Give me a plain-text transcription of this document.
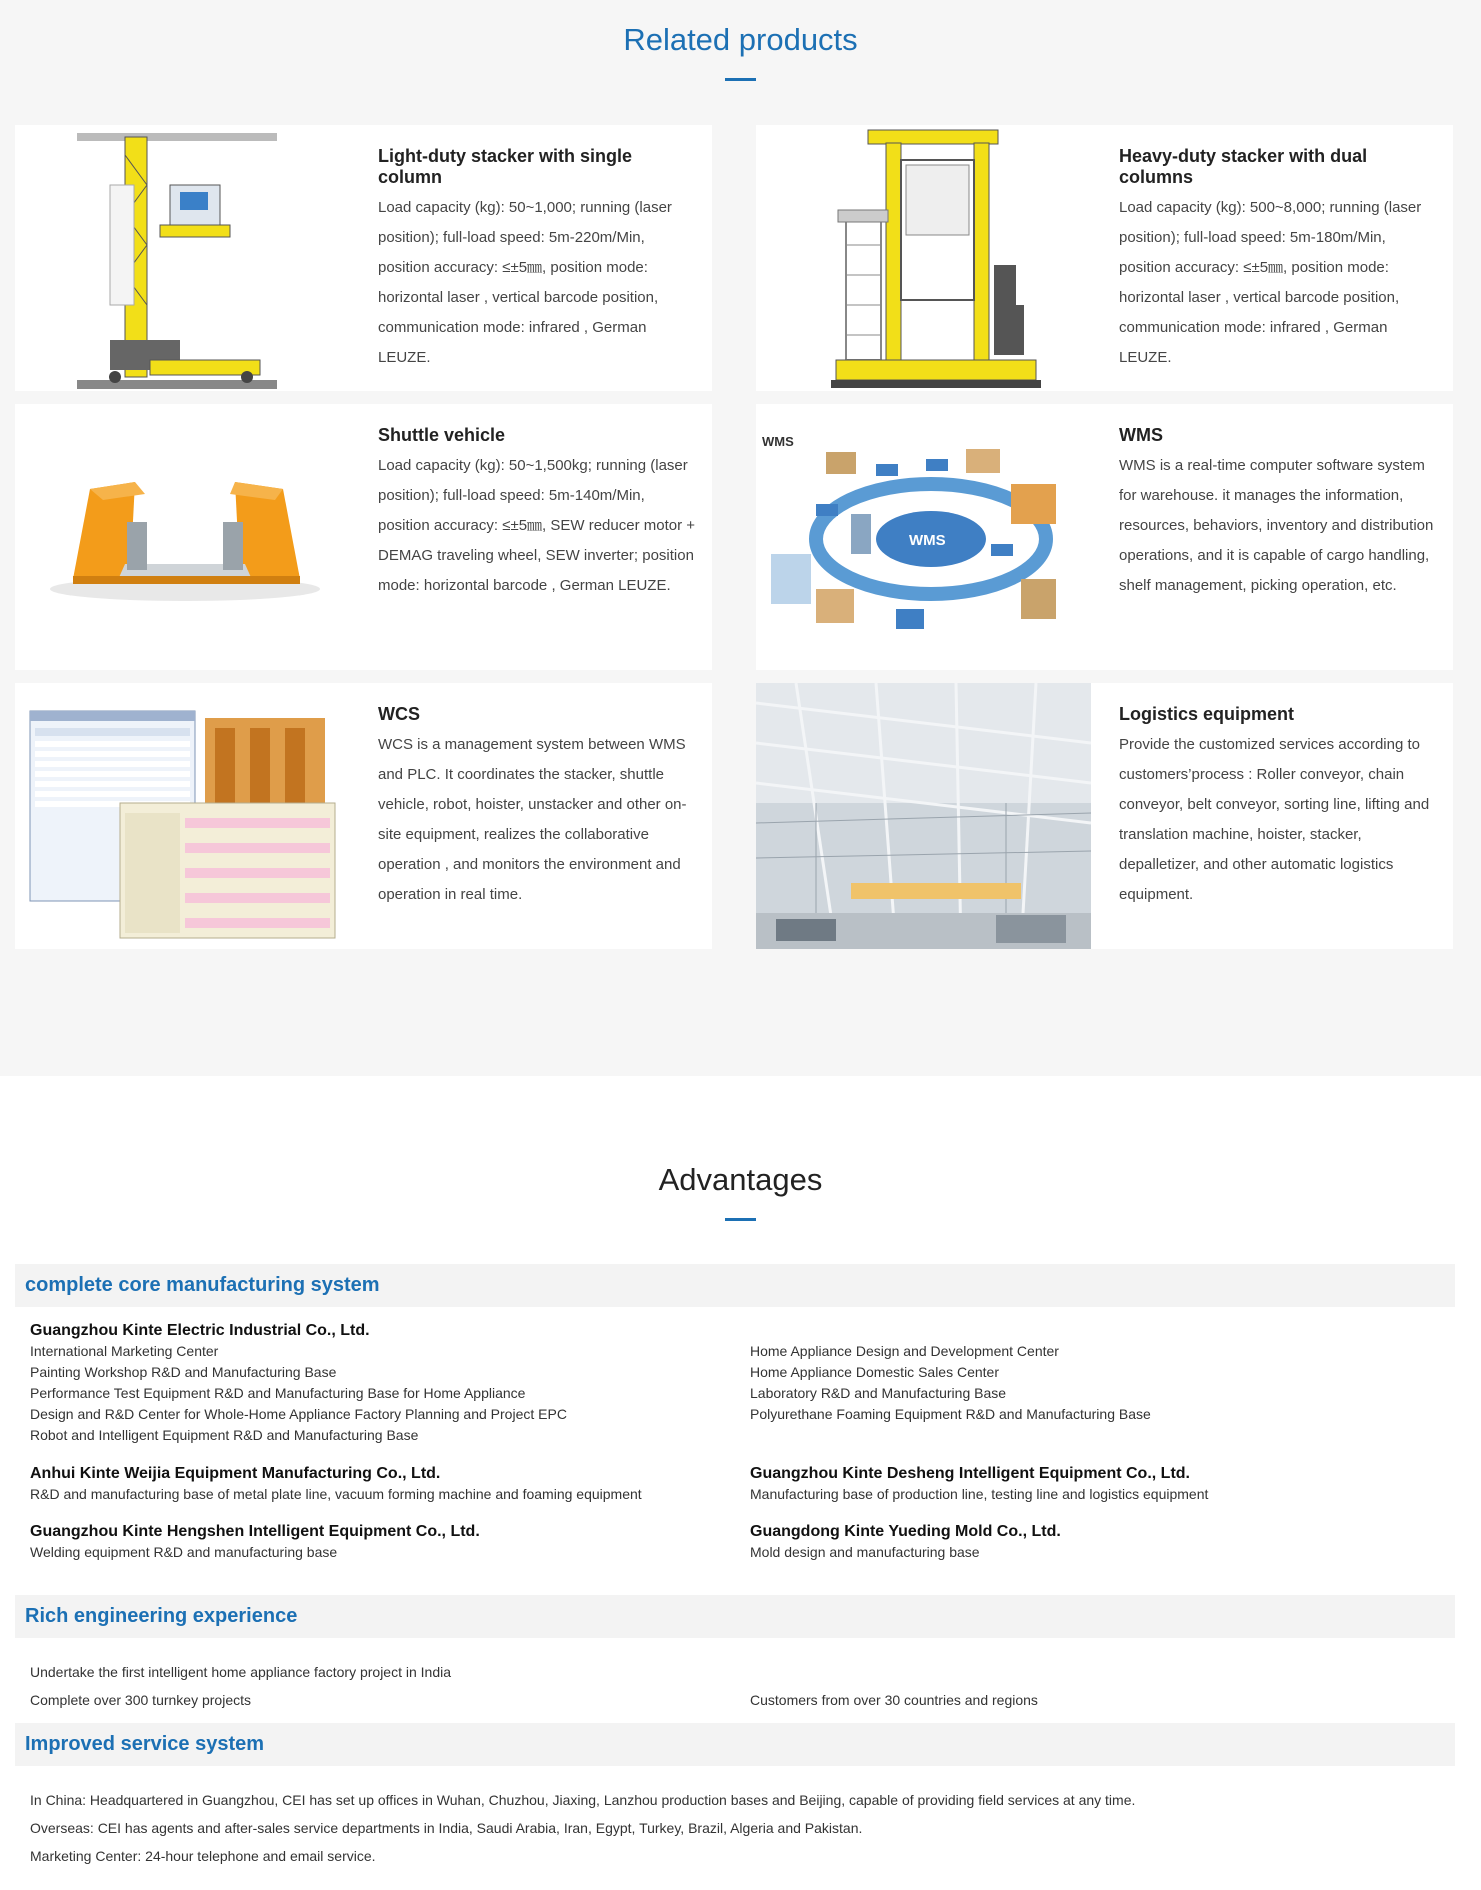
Related products
Light-duty stacker with single column
Load capacity (kg): 50~1,000; running (laser position); full-load speed: 5m-220m/Min, position accuracy: ≤±5㎜, position mode: horizontal laser , vertical barcode position, communication mode: infrared , German LEUZE.
Heavy-duty stacker with dual columns
Load capacity (kg): 500~8,000; running (laser position); full-load speed: 5m-180m/Min, position accuracy: ≤±5㎜, position mode: horizontal laser , vertical barcode position, communication mode: infrared , German LEUZE.
Shuttle vehicle
Load capacity (kg): 50~1,500kg; running (laser position); full-load speed: 5m-140m/Min, position accuracy: ≤±5㎜, SEW reducer motor + DEMAG traveling wheel, SEW inverter; position mode: horizontal barcode , German LEUZE.
WMS
WMS
WMS
WMS is a real-time computer software system for warehouse. it manages the information, resources, behaviors, inventory and distribution operations, and it is capable of cargo handling, shelf management, picking operation, etc.
WCS
WCS is a management system between WMS and PLC. It coordinates the stacker, shuttle vehicle, robot, hoister, unstacker and other on-site equipment, realizes the collaborative operation , and monitors the environment and operation in real time.
Logistics equipment
Provide the customized services according to customers’process : Roller conveyor, chain conveyor, belt conveyor, sorting line, lifting and translation machine, hoister, stacker, depalletizer, and other automatic logistics equipment.
Advantages
complete core manufacturing system
Guangzhou Kinte Electric Industrial Co., Ltd.
International Marketing Center
Painting Workshop R&D and Manufacturing Base
Performance Test Equipment R&D and Manufacturing Base for Home Appliance
Design and R&D Center for Whole-Home Appliance Factory Planning and Project EPC
Robot and Intelligent Equipment R&D and Manufacturing Base
Home Appliance Design and Development Center
Home Appliance Domestic Sales Center
Laboratory R&D and Manufacturing Base
Polyurethane Foaming Equipment R&D and Manufacturing Base
Anhui Kinte Weijia Equipment Manufacturing Co., Ltd.
R&D and manufacturing base of metal plate line, vacuum forming machine and foaming equipment
Guangzhou Kinte Desheng Intelligent Equipment Co., Ltd.
Manufacturing base of production line, testing line and logistics equipment
Guangzhou Kinte Hengshen Intelligent Equipment Co., Ltd.
Welding equipment R&D and manufacturing base
Guangdong Kinte Yueding Mold Co., Ltd.
Mold design and manufacturing base
Rich engineering experience
Undertake the first intelligent home appliance factory project in India
Complete over 300 turnkey projects	Customers from over 30 countries and regions
Improved service system
In China: Headquartered in Guangzhou, CEI has set up offices in Wuhan, Chuzhou, Jiaxing, Lanzhou production bases and Beijing, capable of providing field services at any time.
Overseas: CEI has agents and after-sales service departments in India, Saudi Arabia, Iran, Egypt, Turkey, Brazil, Algeria and Pakistan.
Marketing Center: 24-hour telephone and email service.
